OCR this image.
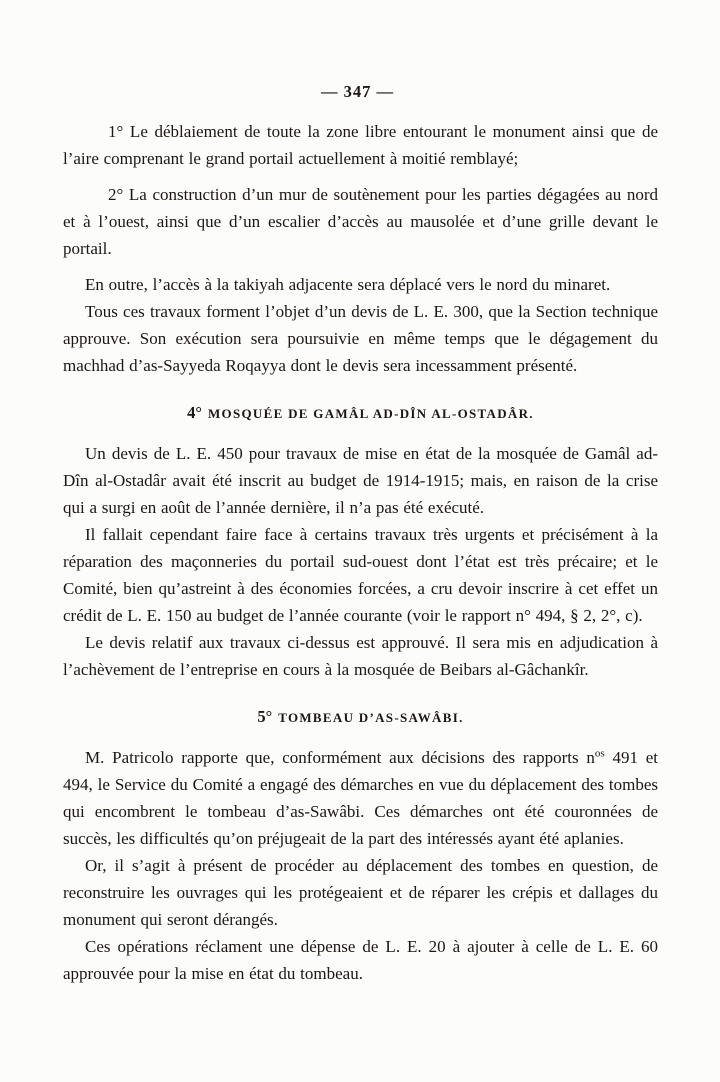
— 347 —

1° Le déblaiement de toute la zone libre entourant le monument ainsi que de l’aire comprenant le grand portail actuellement à moitié remblayé;

2° La construction d’un mur de soutènement pour les parties dégagées au nord et à l’ouest, ainsi que d’un escalier d’accès au mausolée et d’une grille devant le portail.

En outre, l’accès à la takiyah adjacente sera déplacé vers le nord du minaret.

Tous ces travaux forment l’objet d’un devis de L. E. 300, que la Section technique approuve. Son exécution sera poursuivie en même temps que le dégagement du machhad d’as-Sayyeda Roqayya dont le devis sera incessamment présenté.

4° MOSQUÉE DE GAMÂL AD-DÎN AL-OSTADÂR.

Un devis de L. E. 450 pour travaux de mise en état de la mosquée de Gamâl ad-Dîn al-Ostadâr avait été inscrit au budget de 1914-1915; mais, en raison de la crise qui a surgi en août de l’année dernière, il n’a pas été exécuté.

Il fallait cependant faire face à certains travaux très urgents et précisément à la réparation des maçonneries du portail sud-ouest dont l’état est très précaire; et le Comité, bien qu’astreint à des économies forcées, a cru devoir inscrire à cet effet un crédit de L. E. 150 au budget de l’année courante (voir le rapport n° 494, § 2, 2°, c).

Le devis relatif aux travaux ci-dessus est approuvé. Il sera mis en adjudication à l’achèvement de l’entreprise en cours à la mosquée de Beibars al-Gâchankîr.

5° TOMBEAU D’AS-SAWÂBI.

M. Patricolo rapporte que, conformément aux décisions des rapports $n^{os}$ 491 et 494, le Service du Comité a engagé des démarches en vue du déplacement des tombes qui encombrent le tombeau d’as-Sawâbi. Ces démarches ont été couronnées de succès, les difficultés qu’on préjugeait de la part des intéressés ayant été aplanies.

Or, il s’agit à présent de procéder au déplacement des tombes en question, de reconstruire les ouvrages qui les protégeaient et de réparer les crépis et dallages du monument qui seront dérangés.

Ces opérations réclament une dépense de L. E. 20 à ajouter à celle de L. E. 60 approuvée pour la mise en état du tombeau.
